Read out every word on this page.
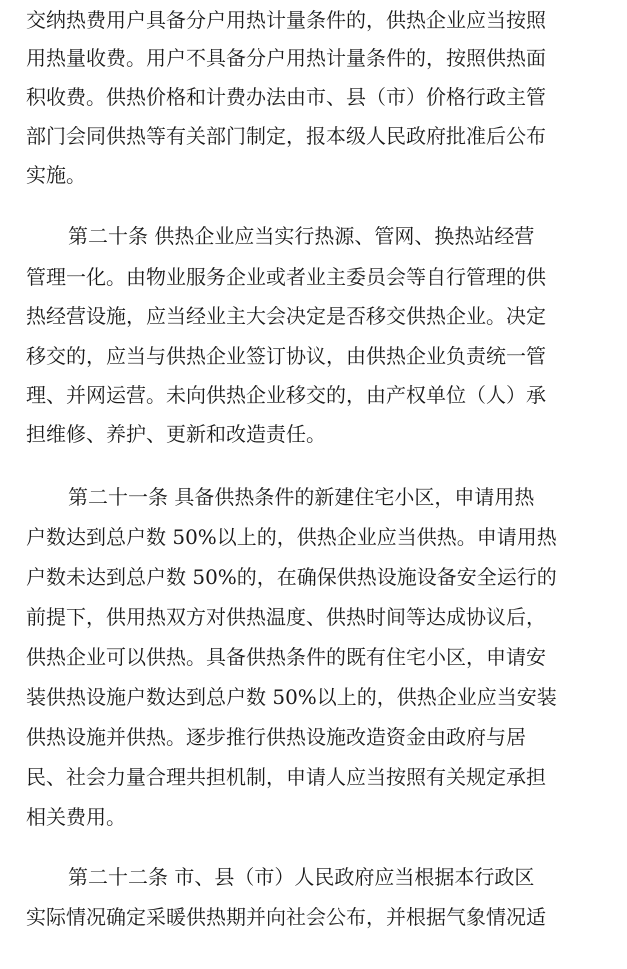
交纳热费用户具备分户用热计量条件的，供热企业应当按照
用热量收费。用户不具备分户用热计量条件的，按照供热面
积收费。供热价格和计费办法由市、县（市）价格行政主管
部门会同供热等有关部门制定，报本级人民政府批准后公布
实施。
第二十条 供热企业应当实行热源、管网、换热站经营
管理一化。由物业服务企业或者业主委员会等自行管理的供
热经营设施，应当经业主大会决定是否移交供热企业。决定
移交的，应当与供热企业签订协议，由供热企业负责统一管
理、并网运营。未向供热企业移交的，由产权单位（人）承
担维修、养护、更新和改造责任。
第二十一条 具备供热条件的新建住宅小区，申请用热
户数达到总户数 50%以上的，供热企业应当供热。申请用热
户数未达到总户数 50%的，在确保供热设施设备安全运行的
前提下，供用热双方对供热温度、供热时间等达成协议后，
供热企业可以供热。具备供热条件的既有住宅小区，申请安
装供热设施户数达到总户数 50%以上的，供热企业应当安装
供热设施并供热。逐步推行供热设施改造资金由政府与居
民、社会力量合理共担机制，申请人应当按照有关规定承担
相关费用。
第二十二条 市、县（市）人民政府应当根据本行政区
实际情况确定采暖供热期并向社会公布，并根据气象情况适
